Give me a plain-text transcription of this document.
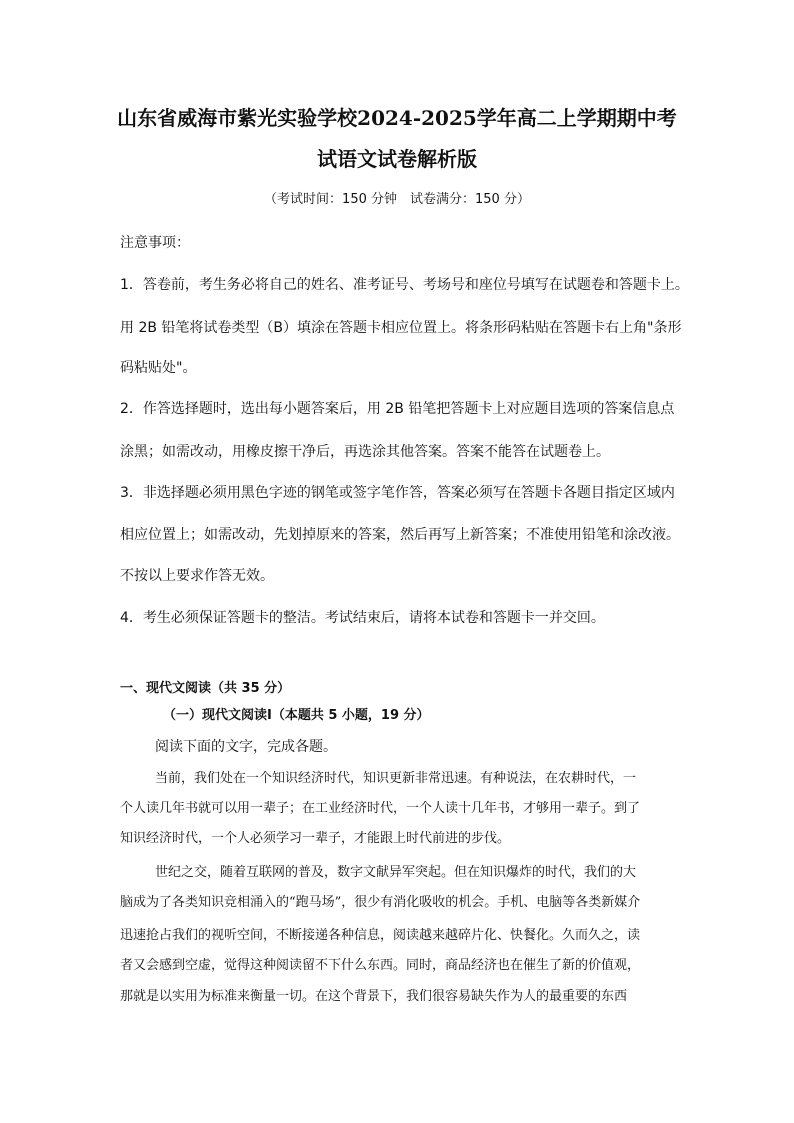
山东省威海市紫光实验学校2024-2025学年高二上学期期中考
试语文试卷解析版
（考试时间：150 分钟　试卷满分：150 分）
注意事项：
1．答卷前，考生务必将自己的姓名、准考证号、考场号和座位号填写在试题卷和答题卡上。
用 2B 铅笔将试卷类型（B）填涂在答题卡相应位置上。将条形码粘贴在答题卡右上角"条形
码粘贴处"。
2．作答选择题时，选出每小题答案后，用 2B 铅笔把答题卡上对应题目选项的答案信息点
涂黑；如需改动，用橡皮擦干净后，再选涂其他答案。答案不能答在试题卷上。
3．非选择题必须用黑色字迹的钢笔或签字笔作答，答案必须写在答题卡各题目指定区域内
相应位置上；如需改动，先划掉原来的答案，然后再写上新答案；不准使用铅笔和涂改液。
不按以上要求作答无效。
4．考生必须保证答题卡的整洁。考试结束后，请将本试卷和答题卡一并交回。
一、现代文阅读（共 35 分）
（一）现代文阅读Ⅰ（本题共 5 小题，19 分）
阅读下面的文字，完成各题。
当前，我们处在一个知识经济时代，知识更新非常迅速。有种说法，在农耕时代，一
个人读几年书就可以用一辈子；在工业经济时代，一个人读十几年书，才够用一辈子。到了
知识经济时代，一个人必须学习一辈子，才能跟上时代前进的步伐。
世纪之交，随着互联网的普及，数字文献异军突起。但在知识爆炸的时代，我们的大
脑成为了各类知识竞相涌入的“跑马场”，很少有消化吸收的机会。手机、电脑等各类新媒介
迅速抢占我们的视听空间，不断接递各种信息，阅读越来越碎片化、快餐化。久而久之，读
者又会感到空虚，觉得这种阅读留不下什么东西。同时，商品经济也在催生了新的价值观，
那就是以实用为标准来衡量一切。在这个背景下，我们很容易缺失作为人的最重要的东西
